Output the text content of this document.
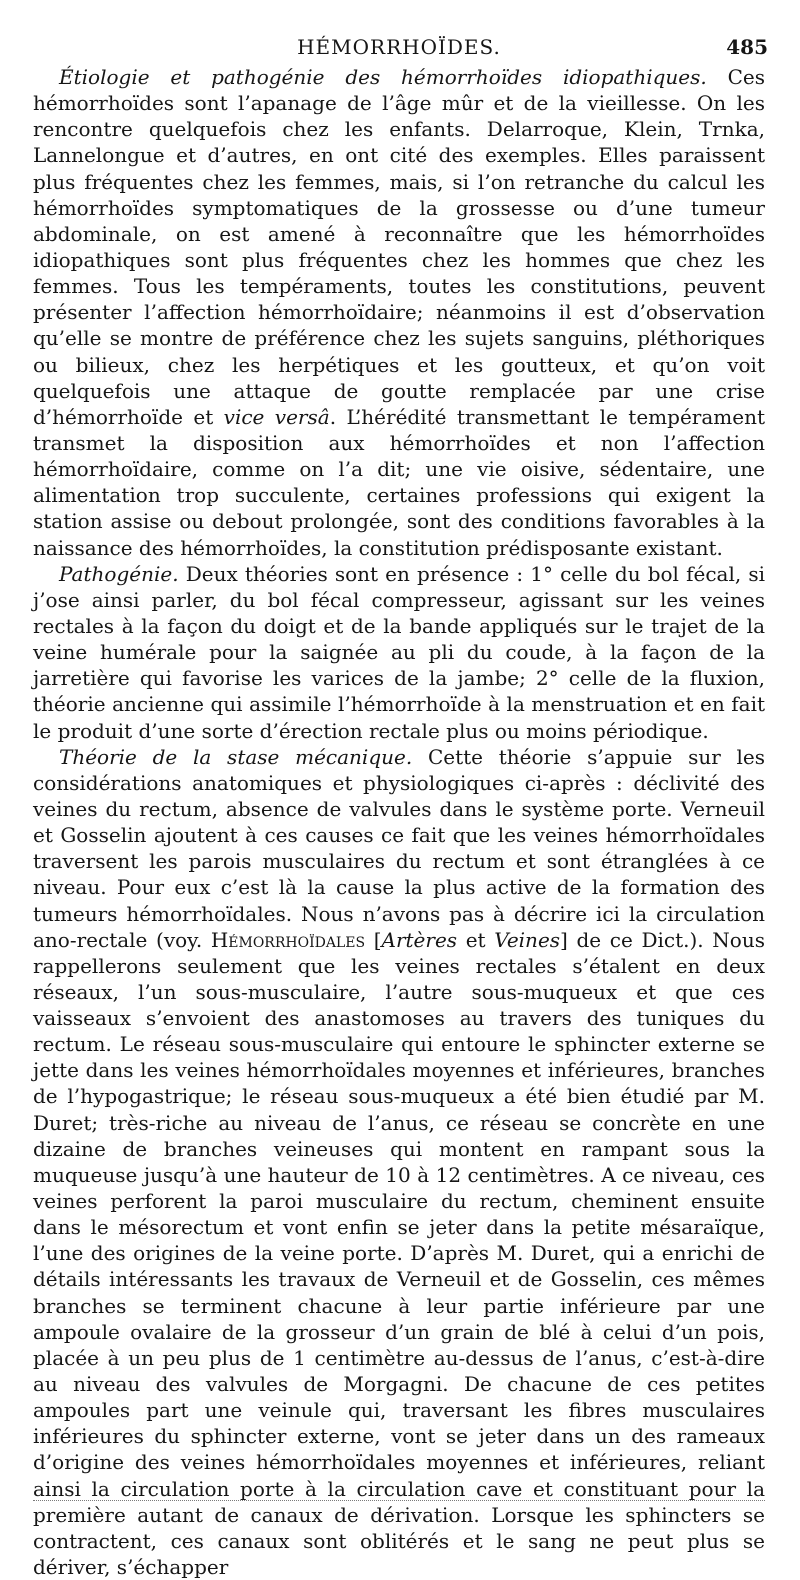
HÉMORRHOÏDES.	485

Étiologie et pathogénie des hémorrhoïdes idiopathiques. Ces hémorrhoïdes sont l’apanage de l’âge mûr et de la vieillesse. On les rencontre quelquefois chez les enfants. Delarroque, Klein, Trnka, Lannelongue et d’autres, en ont cité des exemples. Elles paraissent plus fréquentes chez les femmes, mais, si l’on retranche du calcul les hémorrhoïdes symptomatiques de la grossesse ou d’une tumeur abdominale, on est amené à reconnaître que les hémorrhoïdes idiopathiques sont plus fréquentes chez les hommes que chez les femmes. Tous les tempéraments, toutes les constitutions, peuvent présenter l’affection hémorrhoïdaire; néanmoins il est d’observation qu’elle se montre de préférence chez les sujets sanguins, pléthoriques ou bilieux, chez les herpétiques et les goutteux, et qu’on voit quelquefois une attaque de goutte remplacée par une crise d’hémorrhoïde et vice versâ. L’hérédité transmettant le tempérament transmet la disposition aux hémorrhoïdes et non l’affection hémorrhoïdaire, comme on l’a dit; une vie oisive, sédentaire, une alimentation trop succulente, certaines professions qui exigent la station assise ou debout prolongée, sont des conditions favorables à la naissance des hémorrhoïdes, la constitution prédisposante existant.

Pathogénie. Deux théories sont en présence : 1° celle du bol fécal, si j’ose ainsi parler, du bol fécal compresseur, agissant sur les veines rectales à la façon du doigt et de la bande appliqués sur le trajet de la veine humérale pour la saignée au pli du coude, à la façon de la jarretière qui favorise les varices de la jambe; 2° celle de la fluxion, théorie ancienne qui assimile l’hémorrhoïde à la menstruation et en fait le produit d’une sorte d’érection rectale plus ou moins périodique.

Théorie de la stase mécanique. Cette théorie s’appuie sur les considérations anatomiques et physiologiques ci-après : déclivité des veines du rectum, absence de valvules dans le système porte. Verneuil et Gosselin ajoutent à ces causes ce fait que les veines hémorrhoïdales traversent les parois musculaires du rectum et sont étranglées à ce niveau. Pour eux c’est là la cause la plus active de la formation des tumeurs hémorrhoïdales. Nous n’avons pas à décrire ici la circulation ano-rectale (voy. Hémorrhoïdales [Artères et Veines] de ce Dict.). Nous rappellerons seulement que les veines rectales s’étalent en deux réseaux, l’un sous-musculaire, l’autre sous-muqueux et que ces vaisseaux s’envoient des anastomoses au travers des tuniques du rectum. Le réseau sous-musculaire qui entoure le sphincter externe se jette dans les veines hémorrhoïdales moyennes et inférieures, branches de l’hypogastrique; le réseau sous-muqueux a été bien étudié par M. Duret; très-riche au niveau de l’anus, ce réseau se concrète en une dizaine de branches veineuses qui montent en rampant sous la muqueuse jusqu’à une hauteur de 10 à 12 centimètres. A ce niveau, ces veines perforent la paroi musculaire du rectum, cheminent ensuite dans le mésorectum et vont enfin se jeter dans la petite mésaraïque, l’une des origines de la veine porte. D’après M. Duret, qui a enrichi de détails intéressants les travaux de Verneuil et de Gosselin, ces mêmes branches se terminent chacune à leur partie inférieure par une ampoule ovalaire de la grosseur d’un grain de blé à celui d’un pois, placée à un peu plus de 1 centimètre au-dessus de l’anus, c’est-à-dire au niveau des valvules de Morgagni. De chacune de ces petites ampoules part une veinule qui, traversant les fibres musculaires inférieures du sphincter externe, vont se jeter dans un des rameaux d’origine des veines hémorrhoïdales moyennes et inférieures, reliant ainsi la circulation porte à la circulation cave et constituant pour la première autant de canaux de dérivation. Lorsque les sphincters se contractent, ces canaux sont oblitérés et le sang ne peut plus se dériver, s’échapper
